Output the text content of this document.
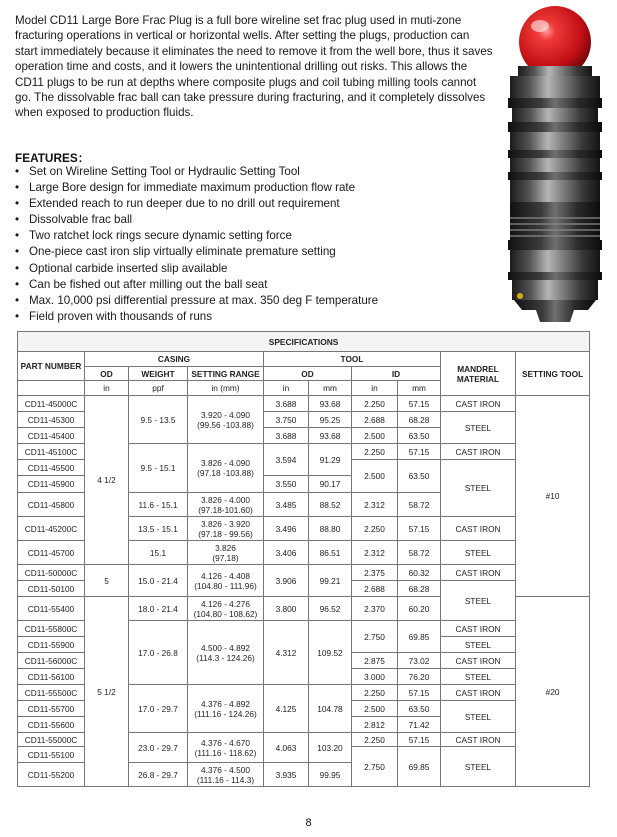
Model CD11 Large Bore Frac Plug is a full bore wireline set frac plug used in muti-zone fracturing operations in vertical or horizontal wells. After setting the plugs, production can start immediately because it eliminates the need to remove it from the well bore, thus it saves operation time and costs, and it lowers the unintentional drilling out risks. This allows the CD11 plugs to be run at depths where composite plugs and coil tubing milling tools cannot go. The dissolvable frac ball can take pressure during fracturing, and it completely dissolves when exposed to production fluids.

FEATURES：
• Set on Wireline Setting Tool or Hydraulic Setting Tool
• Large Bore design for immediate maximum production flow rate
• Extended reach to run deeper due to no drill out requirement
• Dissolvable frac ball
• Two ratchet lock rings secure dynamic setting force
• One-piece cast iron slip virtually eliminate premature setting
• Optional carbide inserted slip available
• Can be fished out after milling out the ball seat
• Max. 10,000 psi differential pressure at max. 350 deg F temperature
• Field proven with thousands of runs
SPECIFICATIONS									
PART NUMBER	CASING			TOOL				MANDREL MATERIAL	SETTING TOOL
	OD	WEIGHT	SETTING RANGE	OD		ID			
	in	ppf	in (mm)	in	mm	in	mm		
CD11-45000C	4 1/2	9.5 - 13.5	3.920 - 4.090
(99.56 -103.88)	3.688	93.68	2.250	57.15	CAST IRON	#10
CD11-45300				3.750	95.25	2.688	68.28	STEEL	
CD11-45400				3.688	93.68	2.500	63.50		
CD11-45100C		9.5 - 15.1	3.826 - 4.090
(97.18 -103.88)	3.594	91.29	2.250	57.15	CAST IRON	
CD11-45500						2.500	63.50	STEEL	
CD11-45900				3.550	90.17				
CD11-45800		11.6 - 15.1	3.826 - 4.000
(97.18-101.60)	3.485	88.52	2.312	58.72		
CD11-45200C		13.5 - 15.1	3.826 - 3.920
(97.18 - 99.56)	3.496	88.80	2.250	57.15	CAST IRON	
CD11-45700		15.1	3.826
(97.18)	3.406	86.51	2.312	58.72	STEEL	
CD11-50000C	5	15.0 - 21.4	4.126 - 4.408
(104.80 - 111.96)	3.906	99.21	2.375	60.32	CAST IRON	
CD11-50100						2.688	68.28	STEEL	
CD11-55400	5 1/2	18.0 - 21.4	4.126 - 4.276
(104.80 - 108.62)	3.800	96.52	2.370	60.20		#20
CD11-55800C		17.0 - 26.8	4.500 - 4.892
(114.3 - 124.26)	4.312	109.52	2.750	69.85	CAST IRON	
CD11-55900								STEEL	
CD11-56000C						2.875	73.02	CAST IRON	
CD11-56100						3.000	76.20	STEEL	
CD11-55500C		17.0 - 29.7	4.376 - 4.892
(111.16 - 124.26)	4.125	104.78	2.250	57.15	CAST IRON	
CD11-55700						2.500	63.50	STEEL	
CD11-55600						2.812	71.42		
CD11-55000C		23.0 - 29.7	4.376 - 4.670
(111.16 - 118.62)	4.063	103.20	2.250	57.15	CAST IRON	
CD11-55100						2.750	69.85	STEEL	
CD11-55200		26.8 - 29.7	4.376 - 4.500
(111.16 - 114.3)	3.935	99.95				
8
